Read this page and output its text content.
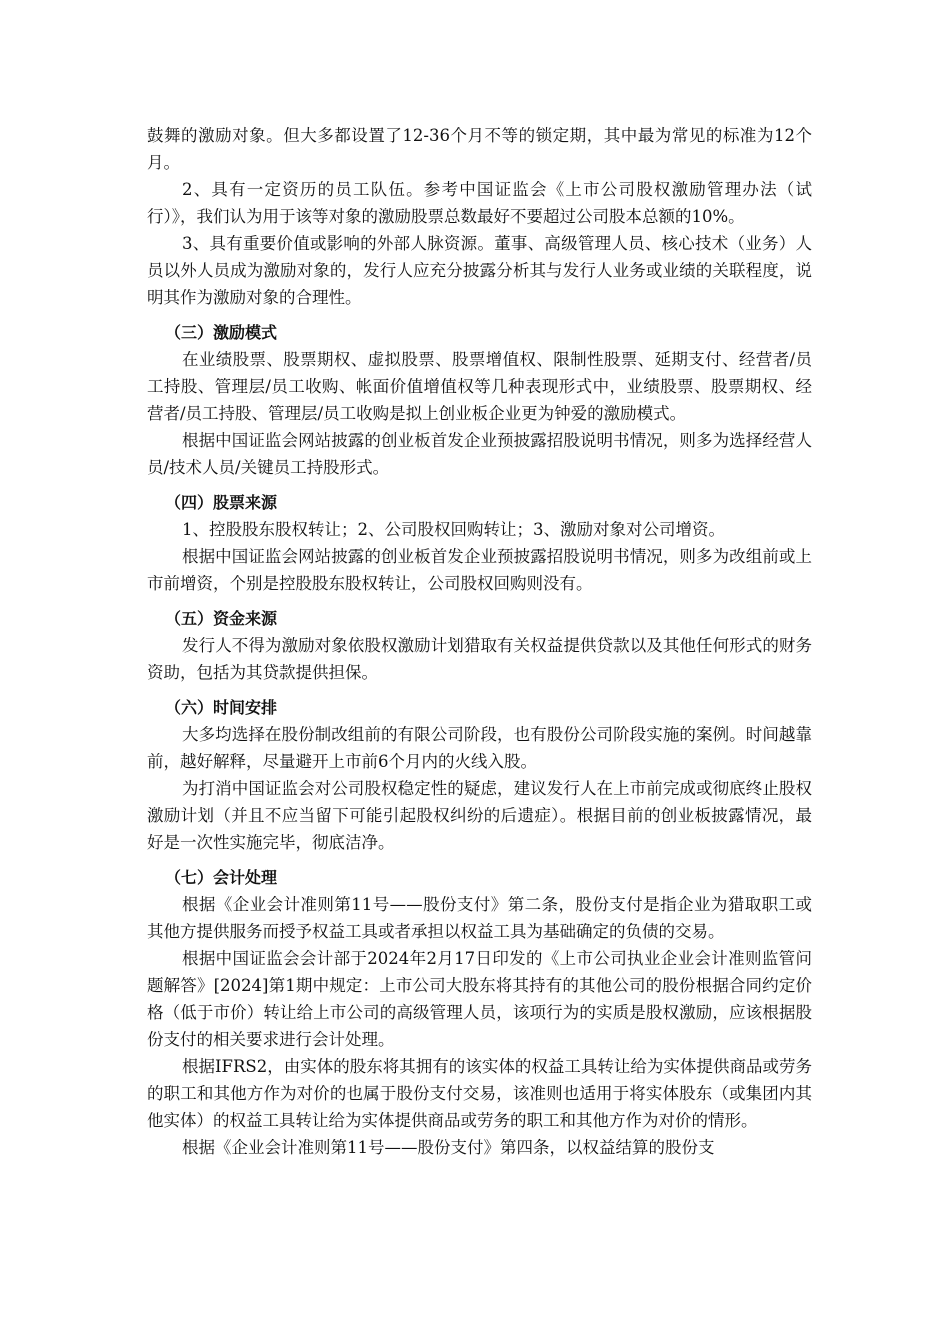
鼓舞的激励对象。但大多都设置了12-36个月不等的锁定期，其中最为常见的标准为12个月。

2、具有一定资历的员工队伍。参考中国证监会《上市公司股权激励管理办法（试行）》，我们认为用于该等对象的激励股票总数最好不要超过公司股本总额的10%。

3、具有重要价值或影响的外部人脉资源。董事、高级管理人员、核心技术（业务）人员以外人员成为激励对象的，发行人应充分披露分析其与发行人业务或业绩的关联程度，说明其作为激励对象的合理性。

（三）激励模式

在业绩股票、股票期权、虚拟股票、股票增值权、限制性股票、延期支付、经营者/员工持股、管理层/员工收购、帐面价值增值权等几种表现形式中，业绩股票、股票期权、经营者/员工持股、管理层/员工收购是拟上创业板企业更为钟爱的激励模式。

根据中国证监会网站披露的创业板首发企业预披露招股说明书情况，则多为选择经营人员/技术人员/关键员工持股形式。

（四）股票来源

1、控股股东股权转让；2、公司股权回购转让；3、激励对象对公司增资。

根据中国证监会网站披露的创业板首发企业预披露招股说明书情况，则多为改组前或上市前增资，个别是控股股东股权转让，公司股权回购则没有。

（五）资金来源

发行人不得为激励对象依股权激励计划猎取有关权益提供贷款以及其他任何形式的财务资助，包括为其贷款提供担保。

（六）时间安排

大多均选择在股份制改组前的有限公司阶段，也有股份公司阶段实施的案例。时间越靠前，越好解释，尽量避开上市前6个月内的火线入股。

为打消中国证监会对公司股权稳定性的疑虑，建议发行人在上市前完成或彻底终止股权激励计划（并且不应当留下可能引起股权纠纷的后遗症）。根据目前的创业板披露情况，最好是一次性实施完毕，彻底洁净。

（七）会计处理

根据《企业会计准则第11号——股份支付》第二条，股份支付是指企业为猎取职工或其他方提供服务而授予权益工具或者承担以权益工具为基础确定的负债的交易。

根据中国证监会会计部于2024年2月17日印发的《上市公司执业企业会计准则监管问题解答》[2024]第1期中规定：上市公司大股东将其持有的其他公司的股份根据合同约定价格（低于市价）转让给上市公司的高级管理人员，该项行为的实质是股权激励，应该根据股份支付的相关要求进行会计处理。

根据IFRS2，由实体的股东将其拥有的该实体的权益工具转让给为实体提供商品或劳务的职工和其他方作为对价的也属于股份支付交易，该准则也适用于将实体股东（或集团内其他实体）的权益工具转让给为实体提供商品或劳务的职工和其他方作为对价的情形。

根据《企业会计准则第11号——股份支付》第四条，以权益结算的股份支
